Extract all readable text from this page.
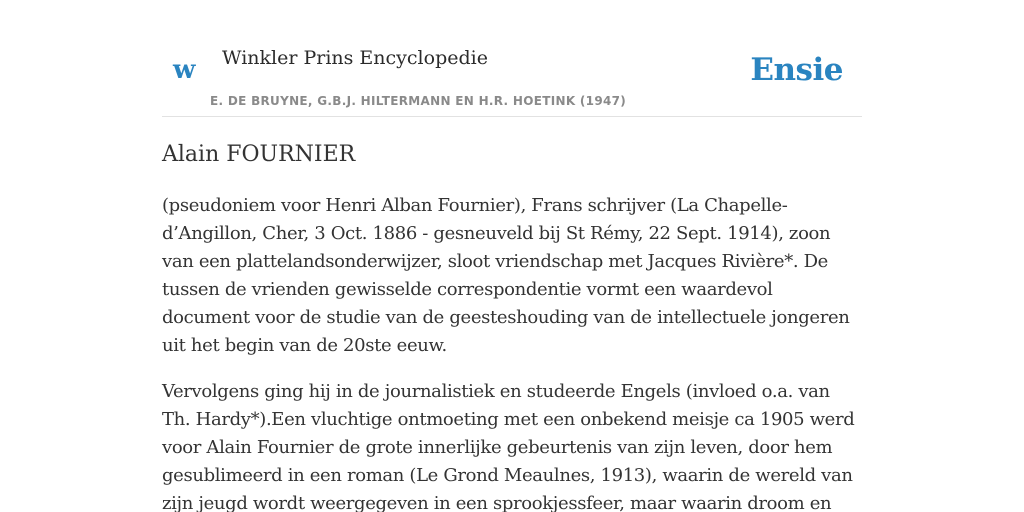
w Winkler Prins Encyclopedie
E. DE BRUYNE, G.B.J. HILTERMANN EN H.R. HOETINK (1947)
Ensie
Alain FOURNIER

(pseudoniem voor Henri Alban Fournier), Frans schrijver (La Chapelle-d’Angillon, Cher, 3 Oct. 1886 - gesneuveld bij St Rémy, 22 Sept. 1914), zoon van een plattelandsonderwijzer, sloot vriendschap met Jacques Rivière*. De tussen de vrienden gewisselde correspondentie vormt een waardevol document voor de studie van de geesteshouding van de intellectuele jongeren uit het begin van de 20ste eeuw.

Vervolgens ging hij in de journalistiek en studeerde Engels (invloed o.a. van Th. Hardy*).Een vluchtige ontmoeting met een onbekend meisje ca 1905 werd voor Alain Fournier de grote innerlijke gebeurtenis van zijn leven, door hem gesublimeerd in een roman (Le Grond Meaulnes, 1913), waarin de wereld van zijn jeugd wordt weergegeven in een sprookjessfeer, maar waarin droom en
